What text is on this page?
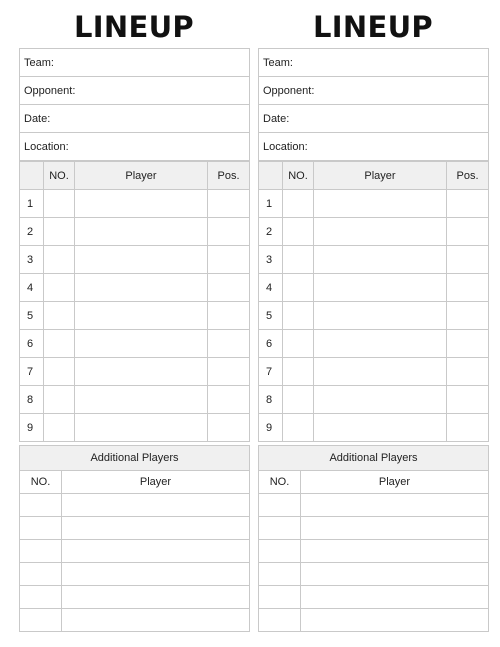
LINEUP
Team:
Opponent:
Date:
Location:
	NO.	Player	Pos.
1			
2			
3			
4			
5			
6			
7			
8			
9			
Additional Players	
NO.	Player

LINEUP
Team:
Opponent:
Date:
Location:
	NO.	Player	Pos.
1			
2			
3			
4			
5			
6			
7			
8			
9			
Additional Players	
NO.	Player
